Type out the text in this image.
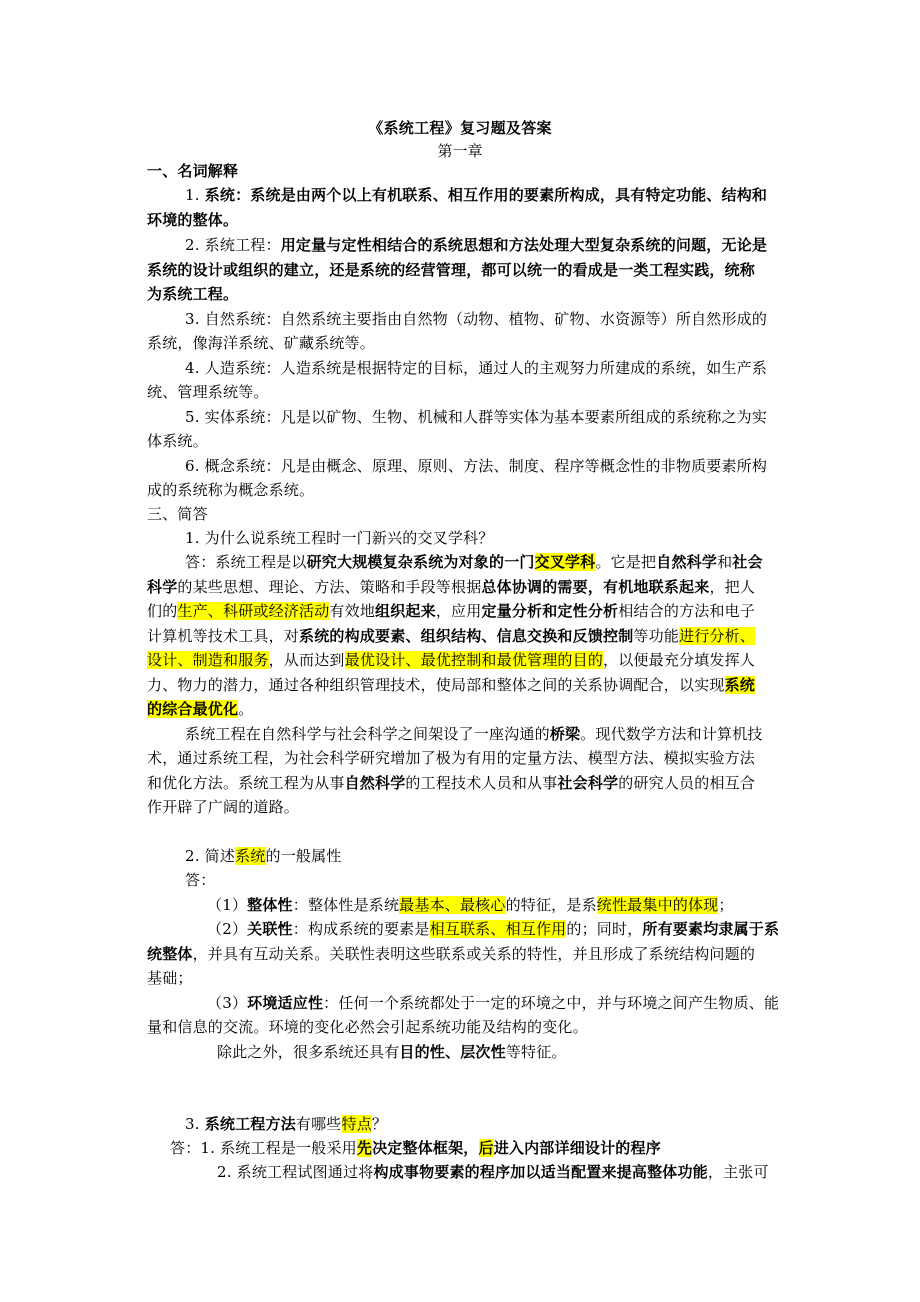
《系统工程》复习题及答案
第一章
一、名词解释
1. 系统：系统是由两个以上有机联系、相互作用的要素所构成，具有特定功能、结构和
环境的整体。
2. 系统工程：用定量与定性相结合的系统思想和方法处理大型复杂系统的问题，无论是
系统的设计或组织的建立，还是系统的经营管理，都可以统一的看成是一类工程实践，统称
为系统工程。
3. 自然系统：自然系统主要指由自然物（动物、植物、矿物、水资源等）所自然形成的
系统，像海洋系统、矿藏系统等。
4. 人造系统：人造系统是根据特定的目标，通过人的主观努力所建成的系统，如生产系
统、管理系统等。
5. 实体系统：凡是以矿物、生物、机械和人群等实体为基本要素所组成的系统称之为实
体系统。
6. 概念系统：凡是由概念、原理、原则、方法、制度、程序等概念性的非物质要素所构
成的系统称为概念系统。
三、简答
1. 为什么说系统工程时一门新兴的交叉学科？
答：系统工程是以研究大规模复杂系统为对象的一门交叉学科。它是把自然科学和社会
科学的某些思想、理论、方法、策略和手段等根据总体协调的需要，有机地联系起来，把人
们的生产、科研或经济活动有效地组织起来，应用定量分析和定性分析相结合的方法和电子
计算机等技术工具，对系统的构成要素、组织结构、信息交换和反馈控制等功能进行分析、
设计、制造和服务，从而达到最优设计、最优控制和最优管理的目的，以便最充分填发挥人
力、物力的潜力，通过各种组织管理技术，使局部和整体之间的关系协调配合，以实现系统
的综合最优化。
系统工程在自然科学与社会科学之间架设了一座沟通的桥梁。现代数学方法和计算机技
术，通过系统工程，为社会科学研究增加了极为有用的定量方法、模型方法、模拟实验方法
和优化方法。系统工程为从事自然科学的工程技术人员和从事社会科学的研究人员的相互合
作开辟了广阔的道路。
2. 简述系统的一般属性
答：
（1）整体性：整体性是系统最基本、最核心的特征，是系统性最集中的体现；
（2）关联性：构成系统的要素是相互联系、相互作用的；同时，所有要素均隶属于系
统整体，并具有互动关系。关联性表明这些联系或关系的特性，并且形成了系统结构问题的
基础；
（3）环境适应性：任何一个系统都处于一定的环境之中，并与环境之间产生物质、能
量和信息的交流。环境的变化必然会引起系统功能及结构的变化。
除此之外，很多系统还具有目的性、层次性等特征。
3. 系统工程方法有哪些特点？
答：1. 系统工程是一般采用先决定整体框架，后进入内部详细设计的程序
2. 系统工程试图通过将构成事物要素的程序加以适当配置来提高整体功能，主张可
